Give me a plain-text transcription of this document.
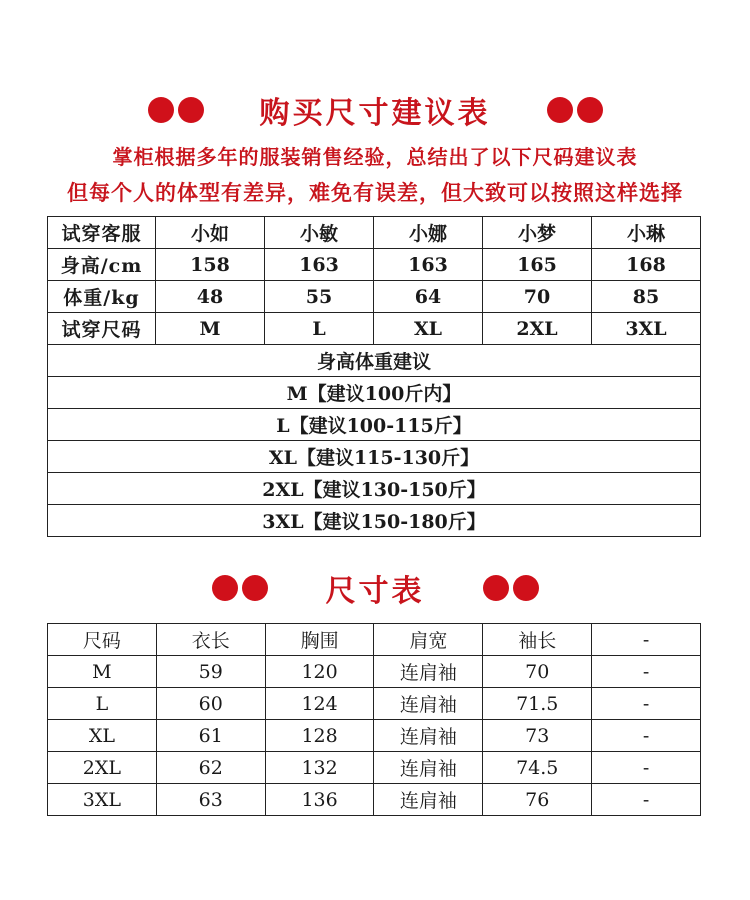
购买尺寸建议表
掌柜根据多年的服装销售经验，总结出了以下尺码建议表
但每个人的体型有差异，难免有误差，但大致可以按照这样选择
试穿客服	小如	小敏	小娜	小梦	小琳
身高/cm	158	163	163	165	168
体重/kg	48	55	64	70	85
试穿尺码	M	L	XL	2XL	3XL
身高体重建议					
M【建议100斤内】					
L【建议100-115斤】					
XL【建议115-130斤】					
2XL【建议130-150斤】					
3XL【建议150-180斤】					
尺寸表
尺码	衣长	胸围	肩宽	袖长	-
M	59	120	连肩袖	70	-
L	60	124	连肩袖	71.5	-
XL	61	128	连肩袖	73	-
2XL	62	132	连肩袖	74.5	-
3XL	63	136	连肩袖	76	-
